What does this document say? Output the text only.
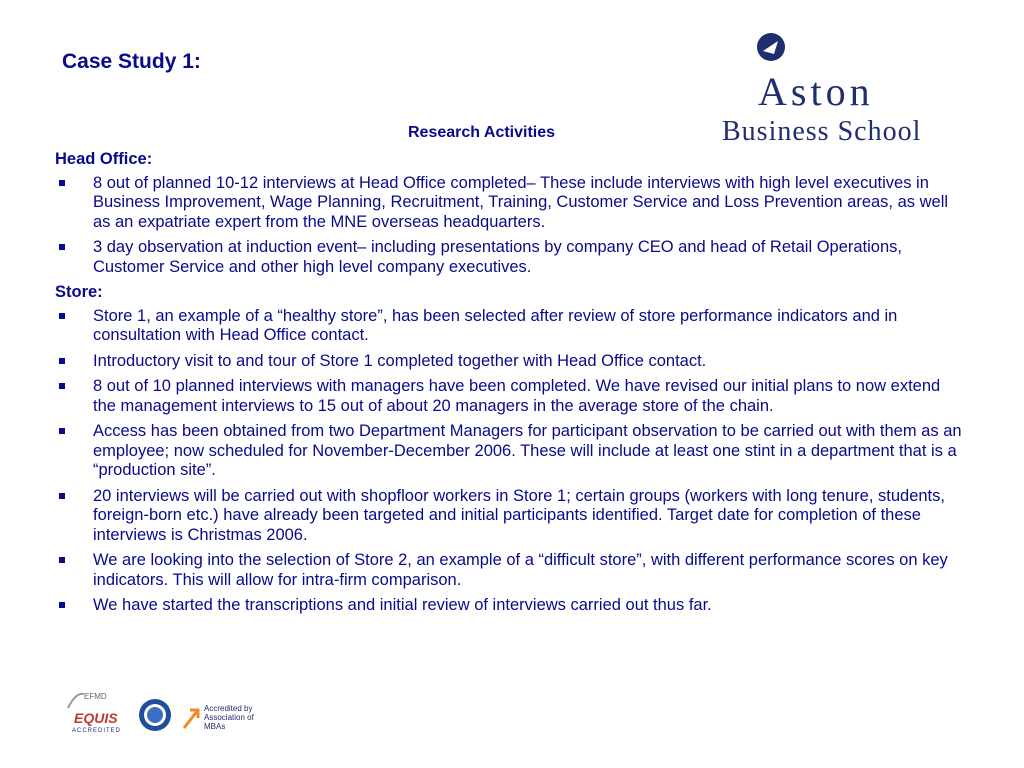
Case Study 1:
Aston
Business School
Research Activities
Head Office:
8 out of planned 10-12 interviews at Head Office completed– These include interviews with high level executives in Business Improvement, Wage Planning, Recruitment, Training, Customer Service and Loss Prevention areas, as well as an expatriate expert from the MNE overseas headquarters.
3 day observation at induction event– including presentations by company CEO and head of Retail Operations, Customer Service and other high level company executives.
Store:
Store 1, an example of a “healthy store”, has been selected after review of store performance indicators and in consultation with Head Office contact.
Introductory visit to and tour of Store 1 completed together with Head Office contact.
8 out of 10 planned interviews with managers have been completed. We have revised our initial plans to now extend the management interviews to 15 out of about 20 managers in the average store of the chain.
Access has been obtained from two Department Managers for participant observation to be carried out with them as an employee; now scheduled for November-December 2006. These will include at least one stint in a department that is a “production site”.
20 interviews will be carried out with shopfloor workers in Store 1; certain groups (workers with long tenure, students, foreign-born etc.) have already been targeted and initial participants identified. Target date for completion of these interviews is Christmas 2006.
We are looking into the selection of Store 2, an example of a “difficult store”, with different performance scores on key indicators. This will allow for intra-firm comparison.
We have started the transcriptions and initial review of interviews carried out thus far.
EFMD
EQUIS
ACCREDITED
Accredited by Association of MBAs
